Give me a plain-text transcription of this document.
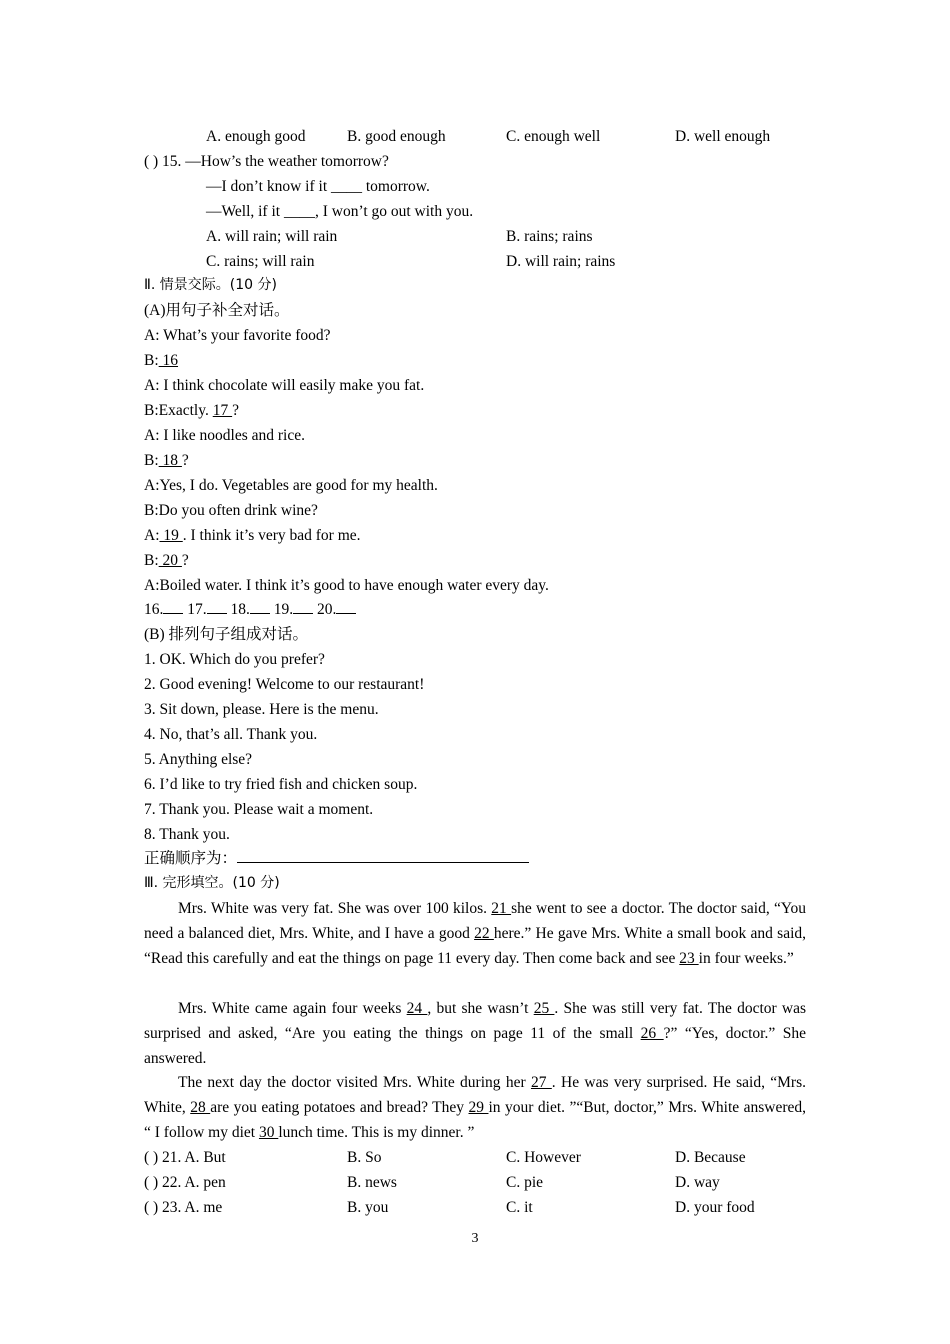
A. enough good	B. good enough	C. enough well	D. well enough
( ) 15. —How’s the weather tomorrow?
—I don’t know if it ____ tomorrow.
—Well, if it ____, I won’t go out with you.
A. will rain; will rain	B. rains; rains
C. rains; will rain	D. will rain; rains
Ⅱ. 情景交际。(10 分)
(A)用句子补全对话。
A: What’s your favorite food?
B: 16
A: I think chocolate will easily make you fat.
B:Exactly. 17 ?
A: I like noodles and rice.
B: 18 ?
A:Yes, I do. Vegetables are good for my health.
B:Do you often drink wine?
A: 19 . I think it’s very bad for me.
B: 20 ?
A:Boiled water. I think it’s good to have enough water every day.
16. 17. 18. 19. 20.
(B) 排列句子组成对话。
1. OK. Which do you prefer?
2. Good evening! Welcome to our restaurant!
3. Sit down, please. Here is the menu.
4. No, that’s all. Thank you.
5. Anything else?
6. I’d like to try fried fish and chicken soup.
7. Thank you. Please wait a moment.
8. Thank you.
正确顺序为：
Ⅲ. 完形填空。(10 分)
Mrs. White was very fat. She was over 100 kilos. 21 she went to see a doctor. The doctor said, “You need a balanced diet, Mrs. White, and I have a good 22 here.” He gave Mrs. White a small book and said, “Read this carefully and eat the things on page 11 every day. Then come back and see 23 in four weeks.”
Mrs. White came again four weeks 24 , but she wasn’t 25 . She was still very fat. The doctor was surprised and asked, “Are you eating the things on page 11 of the small 26 ?” “Yes, doctor.” She answered.
The next day the doctor visited Mrs. White during her 27 . He was very surprised. He said, “Mrs. White, 28 are you eating potatoes and bread? They 29 in your diet. ”“But, doctor,” Mrs. White answered, “ I follow my diet 30 lunch time. This is my dinner. ”
( ) 21. A. But	B. So	C. However	D. Because
( ) 22. A. pen	B. news	C. pie	D. way
( ) 23. A. me	B. you	C. it	D. your food
3
